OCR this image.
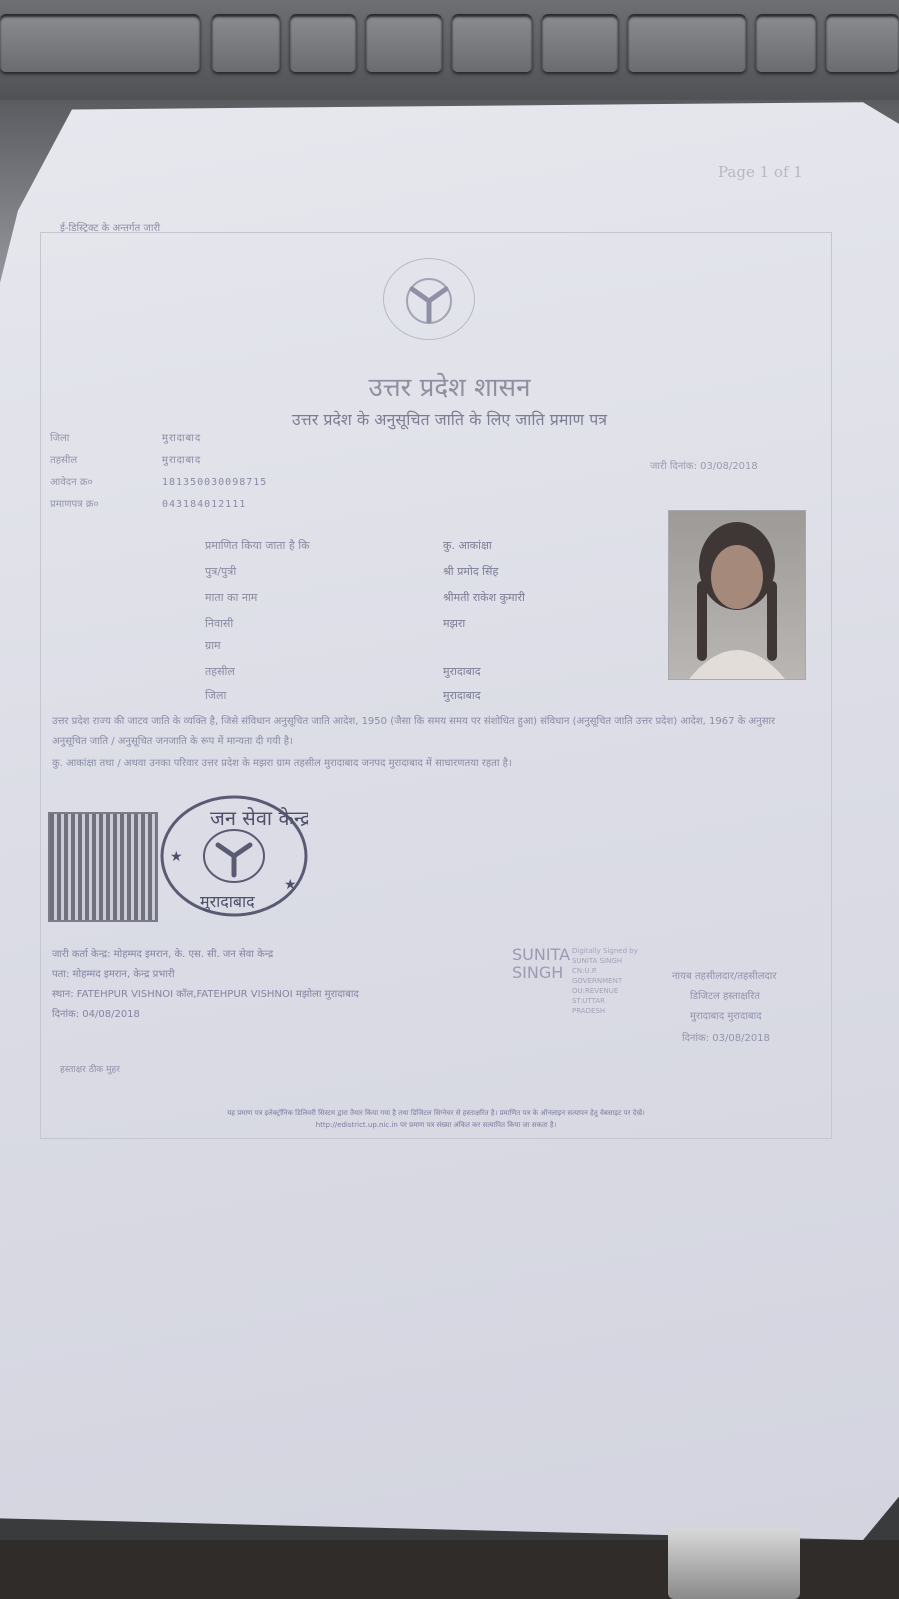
Page 1 of 1
ई-डिस्ट्रिक्ट के अन्तर्गत जारी
उत्तर प्रदेश शासन
उत्तर प्रदेश के अनुसूचित जाति के लिए जाति प्रमाण पत्र
जिला	मुरादाबाद
तहसील	मुरादाबाद
आवेदन क्र०	181350030098715
प्रमाणपत्र क्र०	043184012111
जारी दिनांक: 03/08/2018
प्रमाणित किया जाता है कि	कु. आकांक्षा
पुत्र/पुत्री	श्री प्रमोद सिंह
माता का नाम	श्रीमती राकेश कुमारी
निवासी	मझरा
ग्राम
तहसील	मुरादाबाद
जिला	मुरादाबाद
उत्तर प्रदेश राज्य की जाटव जाति के व्यक्ति है, जिसे संविधान अनुसूचित जाति आदेश, 1950 (जैसा कि समय समय पर संशोधित हुआ) संविधान (अनुसूचित जाति उत्तर प्रदेश) आदेश, 1967 के अनुसार अनुसूचित जाति / अनुसूचित जनजाति के रूप में मान्यता दी गयी है।
कु. आकांक्षा तथा / अथवा उनका परिवार उत्तर प्रदेश के मझरा ग्राम तहसील मुरादाबाद जनपद मुरादाबाद में साधारणतया रहता है।
जन सेवा केन्द्र
मुरादाबाद
★
★
जारी कर्ता केन्द्र: मोहम्मद इमरान, के. एस. सी. जन सेवा केन्द्र
पता: मोहम्मद इमरान, केन्द्र प्रभारी
स्थान: FATEHPUR VISHNOI कॉल,FATEHPUR VISHNOI मझोला मुरादाबाद
दिनांक: 04/08/2018
SUNITA
SINGH
Digitally Signed by
SUNITA SINGH
CN:U.P.
GOVERNMENT
OU:REVENUE
ST:UTTAR
PRADESH
नायब तहसीलदार/तहसीलदार
डिजिटल हस्ताक्षरित
मुरादाबाद मुरादाबाद
दिनांक: 03/08/2018
हस्ताक्षर ठीक मुहर
यह प्रमाण पत्र इलेक्ट्रॉनिक डिलिवरी सिस्टम द्वारा तैयार किया गया है तथा डिजिटल सिग्नेचर से हस्ताक्षरित है। प्रमाणित पत्र के ऑनलाइन सत्यापन हेतु वेबसाइट पर देखें।
http://edistrict.up.nic.in पर प्रमाण पत्र संख्या अंकित कर सत्यापित किया जा सकता है।
